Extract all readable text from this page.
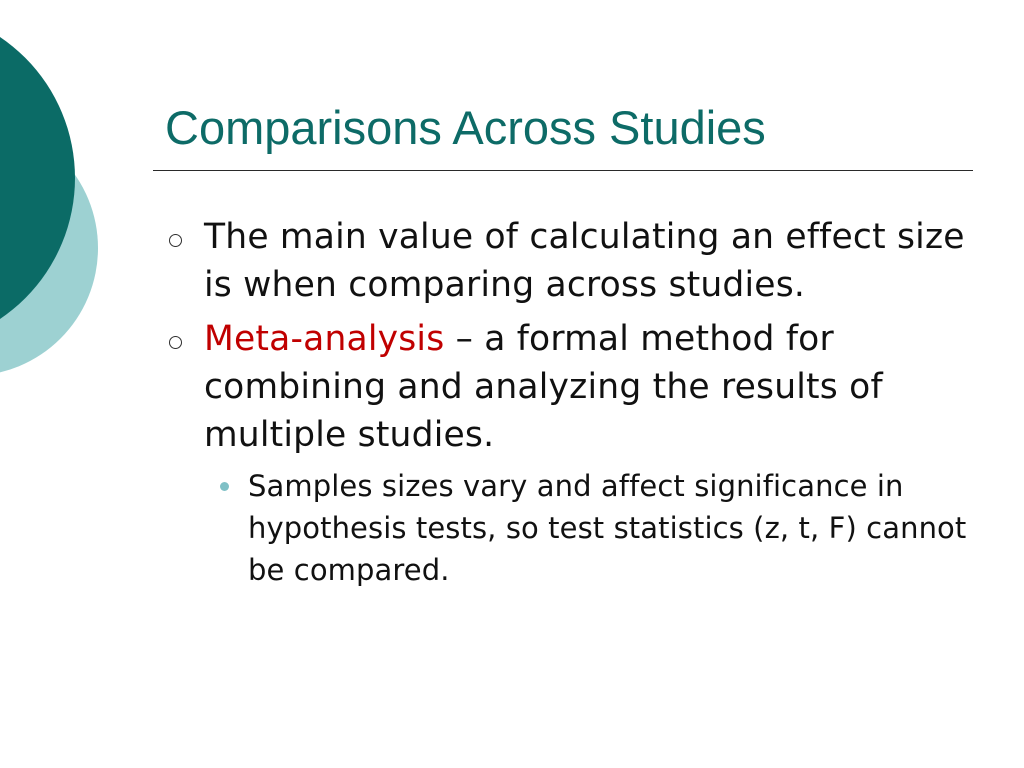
Comparisons Across Studies
The main value of calculating an effect size is when comparing across studies.
Meta-analysis – a formal method for combining and analyzing the results of multiple studies.
Samples sizes vary and affect significance in hypothesis tests, so test statistics (z, t, F) cannot be compared.
